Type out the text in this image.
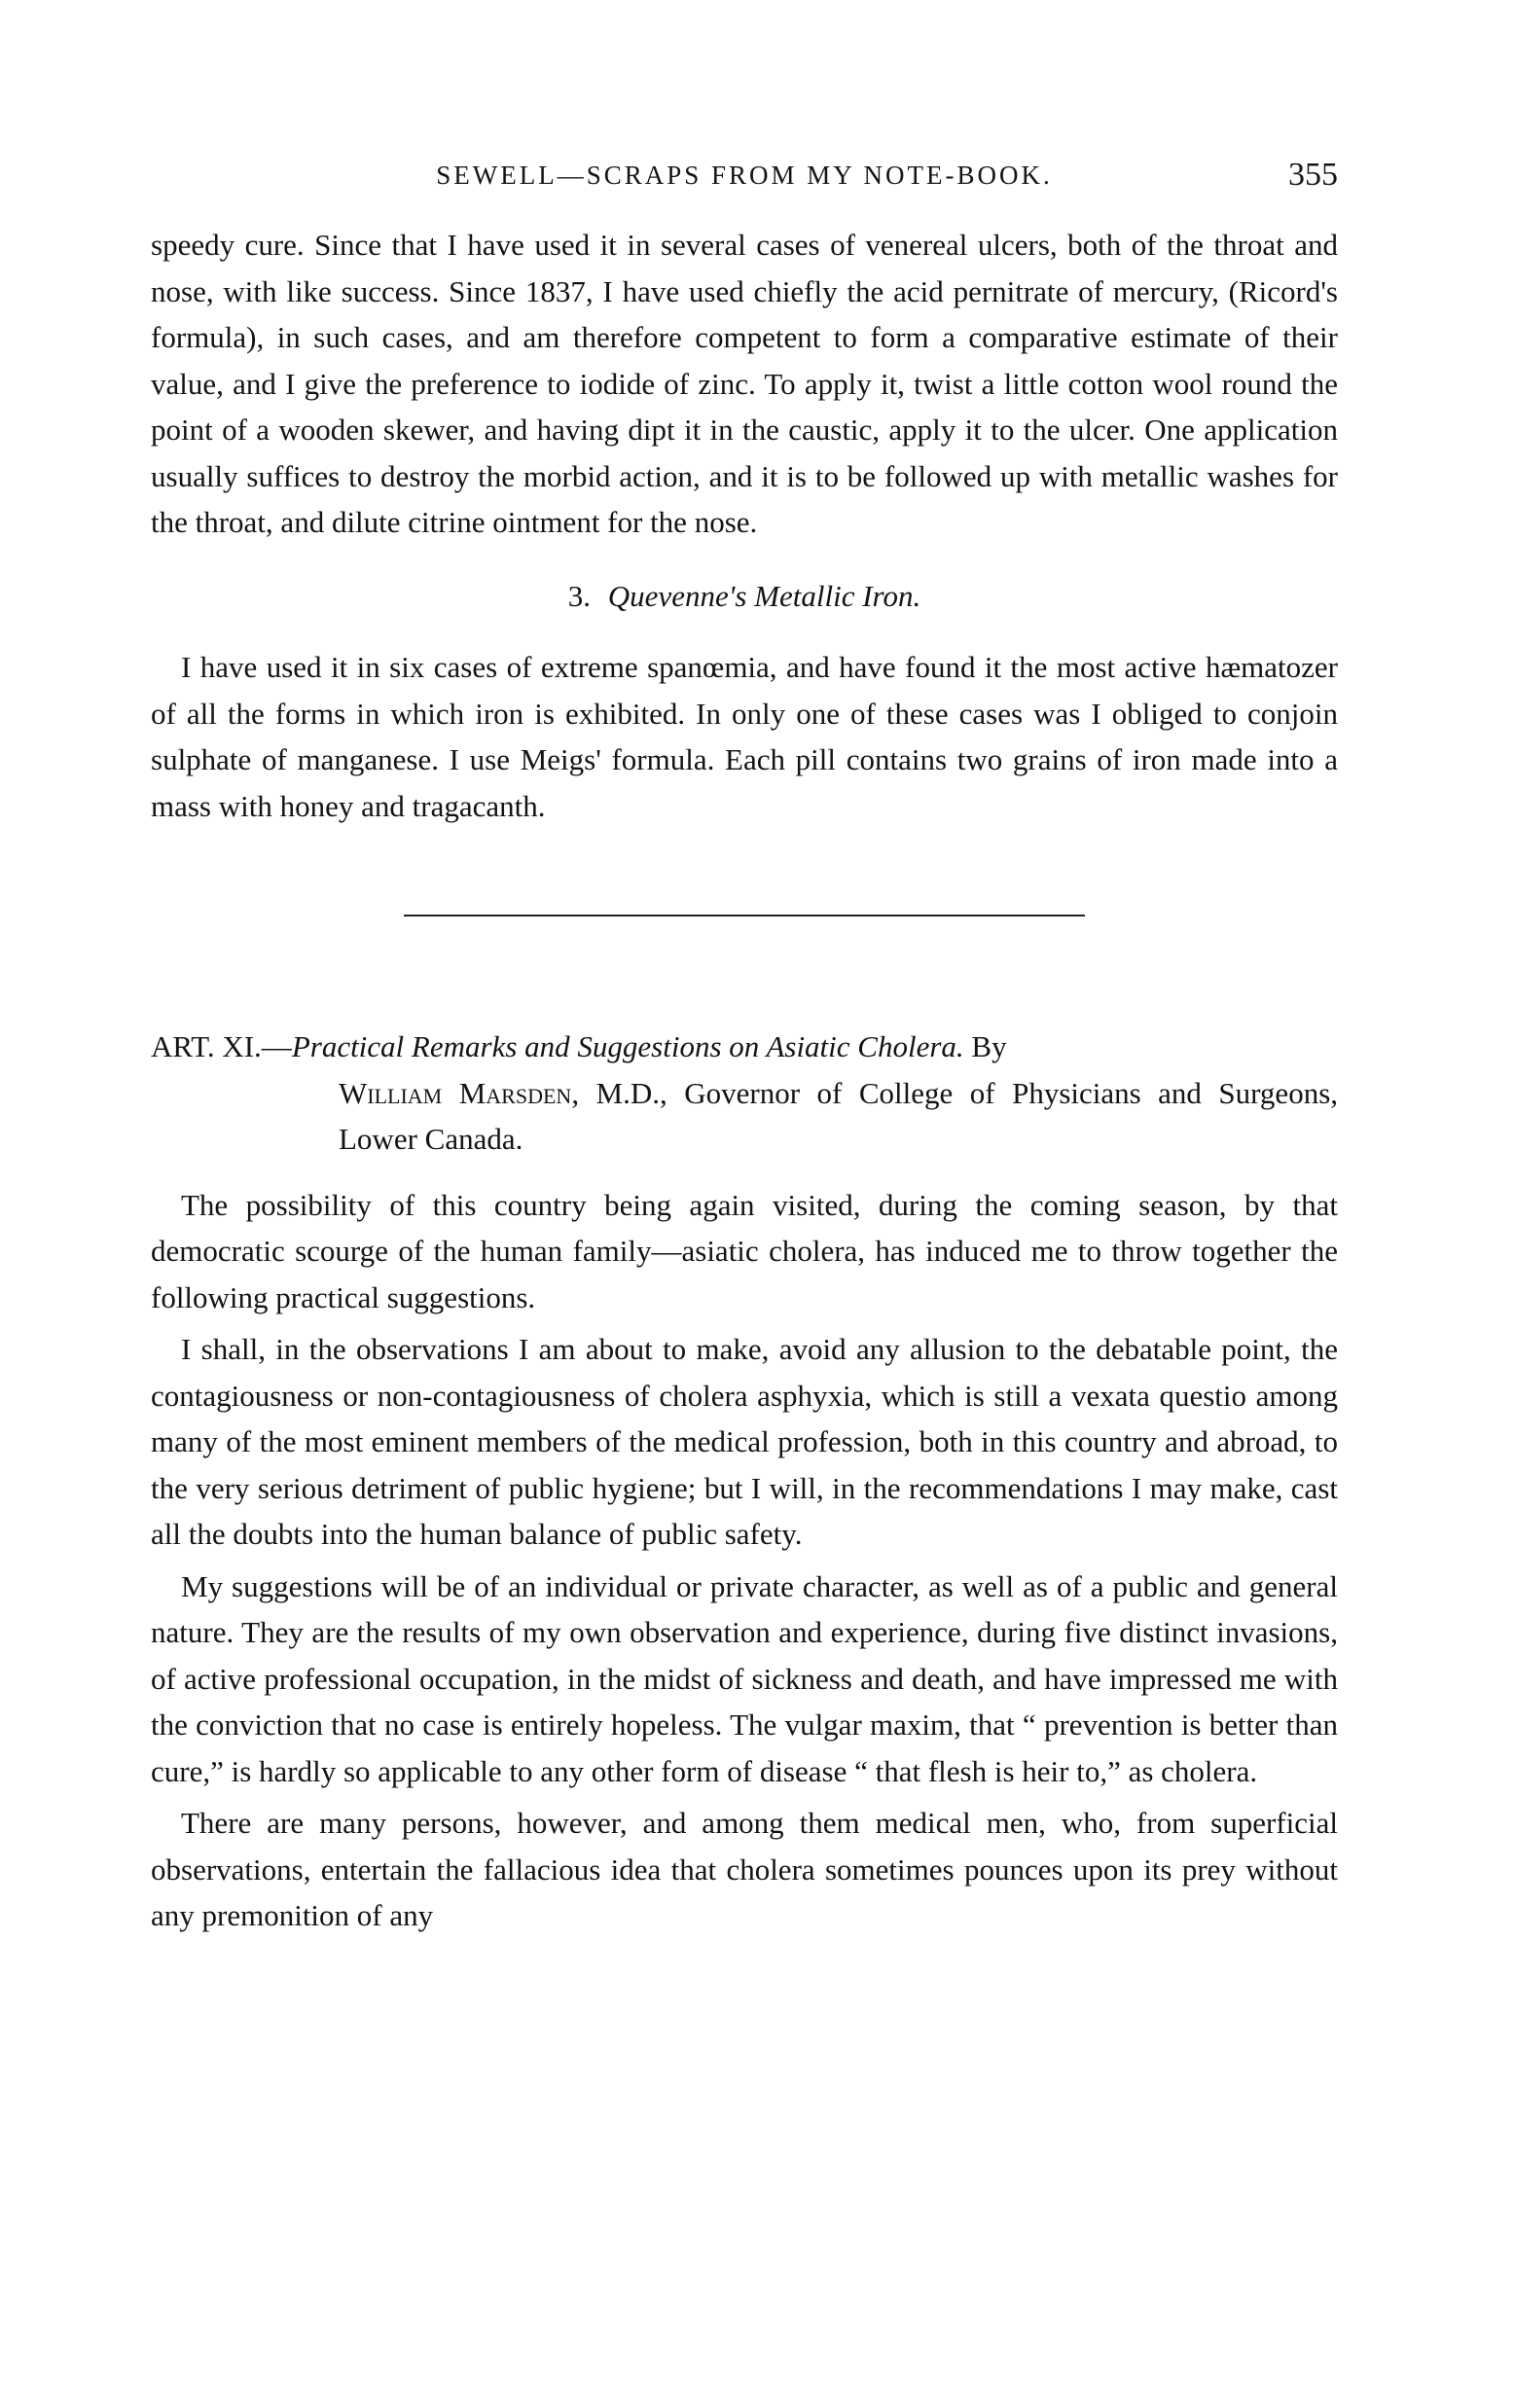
SEWELL—SCRAPS FROM MY NOTE-BOOK.	355

speedy cure. Since that I have used it in several cases of venereal ulcers, both of the throat and nose, with like success. Since 1837, I have used chiefly the acid pernitrate of mercury, (Ricord's formula), in such cases, and am therefore competent to form a comparative estimate of their value, and I give the preference to iodide of zinc. To apply it, twist a little cotton wool round the point of a wooden skewer, and having dipt it in the caustic, apply it to the ulcer. One application usually suffices to destroy the morbid action, and it is to be followed up with metallic washes for the throat, and dilute citrine ointment for the nose.

3. Quevenne's Metallic Iron.

I have used it in six cases of extreme spanœmia, and have found it the most active hæmatozer of all the forms in which iron is exhibited. In only one of these cases was I obliged to conjoin sulphate of manganese. I use Meigs' formula. Each pill contains two grains of iron made into a mass with honey and tragacanth.

ART. XI.—Practical Remarks and Suggestions on Asiatic Cholera. By
William Marsden, M.D., Governor of College of Physicians and Surgeons, Lower Canada.

The possibility of this country being again visited, during the coming season, by that democratic scourge of the human family—asiatic cholera, has induced me to throw together the following practical suggestions.

I shall, in the observations I am about to make, avoid any allusion to the debatable point, the contagiousness or non-contagiousness of cholera asphyxia, which is still a vexata questio among many of the most eminent members of the medical profession, both in this country and abroad, to the very serious detriment of public hygiene; but I will, in the recommendations I may make, cast all the doubts into the human balance of public safety.

My suggestions will be of an individual or private character, as well as of a public and general nature. They are the results of my own observation and experience, during five distinct invasions, of active professional occupation, in the midst of sickness and death, and have impressed me with the conviction that no case is entirely hopeless. The vulgar maxim, that “ prevention is better than cure,” is hardly so applicable to any other form of disease “ that flesh is heir to,” as cholera.

There are many persons, however, and among them medical men, who, from superficial observations, entertain the fallacious idea that cholera sometimes pounces upon its prey without any premonition of any
